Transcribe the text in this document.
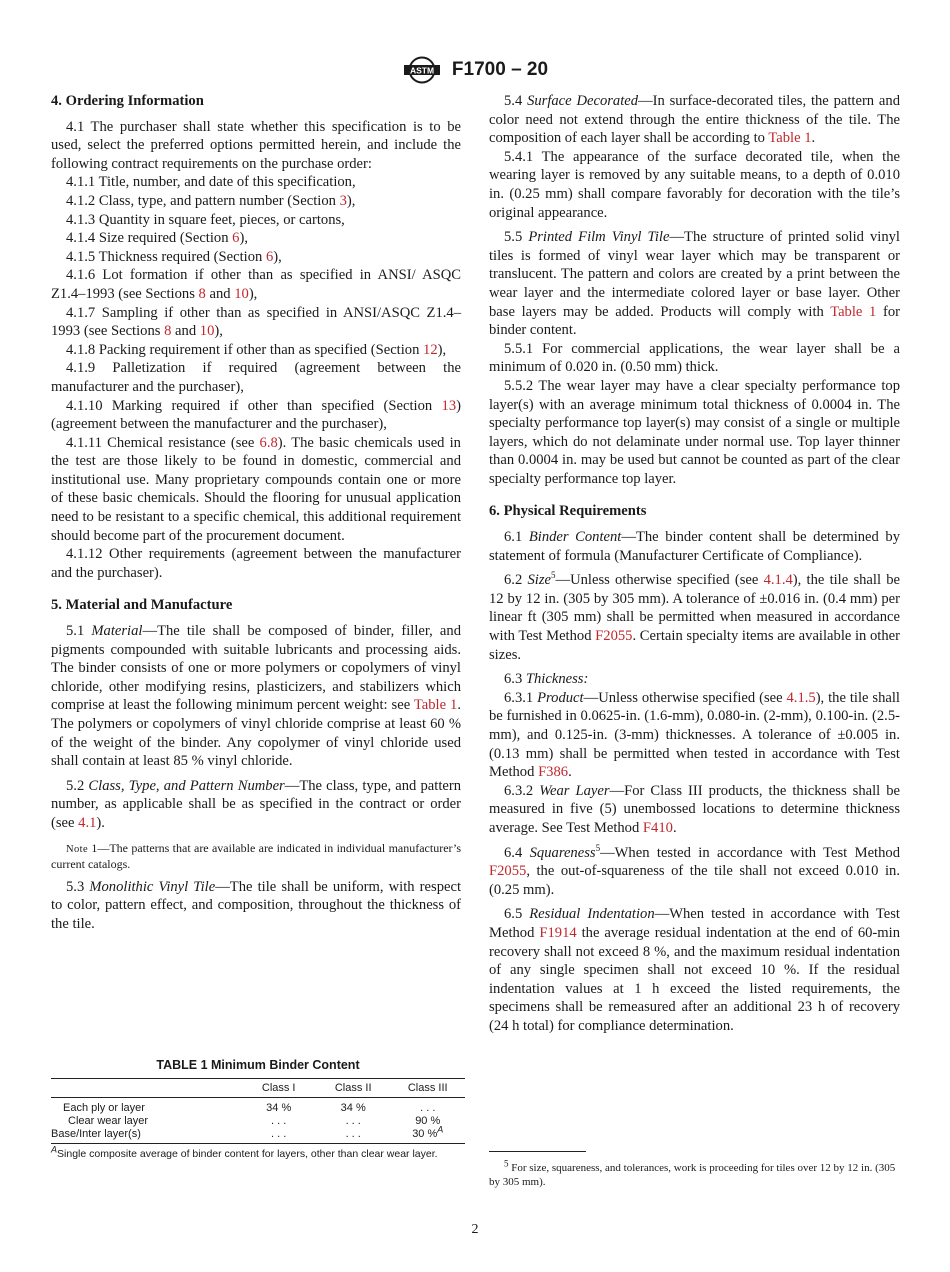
ASTM F1700 – 20
4. Ordering Information

4.1 The purchaser shall state whether this specification is to be used, select the preferred options permitted herein, and include the following contract requirements on the purchase order:

4.1.1 Title, number, and date of this specification,

4.1.2 Class, type, and pattern number (Section 3),

4.1.3 Quantity in square feet, pieces, or cartons,

4.1.4 Size required (Section 6),

4.1.5 Thickness required (Section 6),

4.1.6 Lot formation if other than as specified in ANSI/ ASQC Z1.4–1993 (see Sections 8 and 10),

4.1.7 Sampling if other than as specified in ANSI/ASQC Z1.4–1993 (see Sections 8 and 10),

4.1.8 Packing requirement if other than as specified (Section 12),

4.1.9 Palletization if required (agreement between the manufacturer and the purchaser),

4.1.10 Marking required if other than specified (Section 13) (agreement between the manufacturer and the purchaser),

4.1.11 Chemical resistance (see 6.8). The basic chemicals used in the test are those likely to be found in domestic, commercial and institutional use. Many proprietary compounds contain one or more of these basic chemicals. Should the flooring for unusual application need to be resistant to a specific chemical, this additional requirement should become part of the procurement document.

4.1.12 Other requirements (agreement between the manufacturer and the purchaser).

5. Material and Manufacture

5.1 Material—The tile shall be composed of binder, filler, and pigments compounded with suitable lubricants and processing aids. The binder consists of one or more polymers or copolymers of vinyl chloride, other modifying resins, plasticizers, and stabilizers which comprise at least the following minimum percent weight: see Table 1. The polymers or copolymers of vinyl chloride comprise at least 60 % of the weight of the binder. Any copolymer of vinyl chloride used shall contain at least 85 % vinyl chloride.

5.2 Class, Type, and Pattern Number—The class, type, and pattern number, as applicable shall be as specified in the contract or order (see 4.1).

Note 1—The patterns that are available are indicated in individual manufacturer’s current catalogs.

5.3 Monolithic Vinyl Tile—The tile shall be uniform, with respect to color, pattern effect, and composition, throughout the thickness of the tile.

TABLE 1 Minimum Binder Content
	Class I	Class II	Class III
Each ply or layer	34 %	34 %	. . .
Clear wear layer	. . .	. . .	90 %
Base/Inter layer(s)	. . .	. . .	30 %$^A$
$^A$Single composite average of binder content for layers, other than clear wear layer.

5.4 Surface Decorated—In surface-decorated tiles, the pattern and color need not extend through the entire thickness of the tile. The composition of each layer shall be according to Table 1.

5.4.1 The appearance of the surface decorated tile, when the wearing layer is removed by any suitable means, to a depth of 0.010 in. (0.25 mm) shall compare favorably for decoration with the tile’s original appearance.

5.5 Printed Film Vinyl Tile—The structure of printed solid vinyl tiles is formed of vinyl wear layer which may be transparent or translucent. The pattern and colors are created by a print between the wear layer and the intermediate colored layer or base layer. Other base layers may be added. Products will comply with Table 1 for binder content.

5.5.1 For commercial applications, the wear layer shall be a minimum of 0.020 in. (0.50 mm) thick.

5.5.2 The wear layer may have a clear specialty performance top layer(s) with an average minimum total thickness of 0.0004 in. The specialty performance top layer(s) may consist of a single or multiple layers, which do not delaminate under normal use. Top layer thinner than 0.0004 in. may be used but cannot be counted as part of the clear specialty performance top layer.

6. Physical Requirements

6.1 Binder Content—The binder content shall be determined by statement of formula (Manufacturer Certificate of Compliance).

6.2 Size$^5$—Unless otherwise specified (see 4.1.4), the tile shall be 12 by 12 in. (305 by 305 mm). A tolerance of ±0.016 in. (0.4 mm) per linear ft (305 mm) shall be permitted when measured in accordance with Test Method F2055. Certain specialty items are available in other sizes.

6.3 Thickness:

6.3.1 Product—Unless otherwise specified (see 4.1.5), the tile shall be furnished in 0.0625-in. (1.6-mm), 0.080-in. (2-mm), 0.100-in. (2.5-mm), and 0.125-in. (3-mm) thicknesses. A tolerance of ±0.005 in. (0.13 mm) shall be permitted when tested in accordance with Test Method F386.

6.3.2 Wear Layer—For Class III products, the thickness shall be measured in five (5) unembossed locations to determine thickness average. See Test Method F410.

6.4 Squareness$^5$—When tested in accordance with Test Method F2055, the out-of-squareness of the tile shall not exceed 0.010 in. (0.25 mm).

6.5 Residual Indentation—When tested in accordance with Test Method F1914 the average residual indentation at the end of 60-min recovery shall not exceed 8 %, and the maximum residual indentation of any single specimen shall not exceed 10 %. If the residual indentation values at 1 h exceed the listed requirements, the specimens shall be remeasured after an additional 23 h of recovery (24 h total) for compliance determination.

$^5$ For size, squareness, and tolerances, work is proceeding for tiles over 12 by 12 in. (305 by 305 mm).
2
